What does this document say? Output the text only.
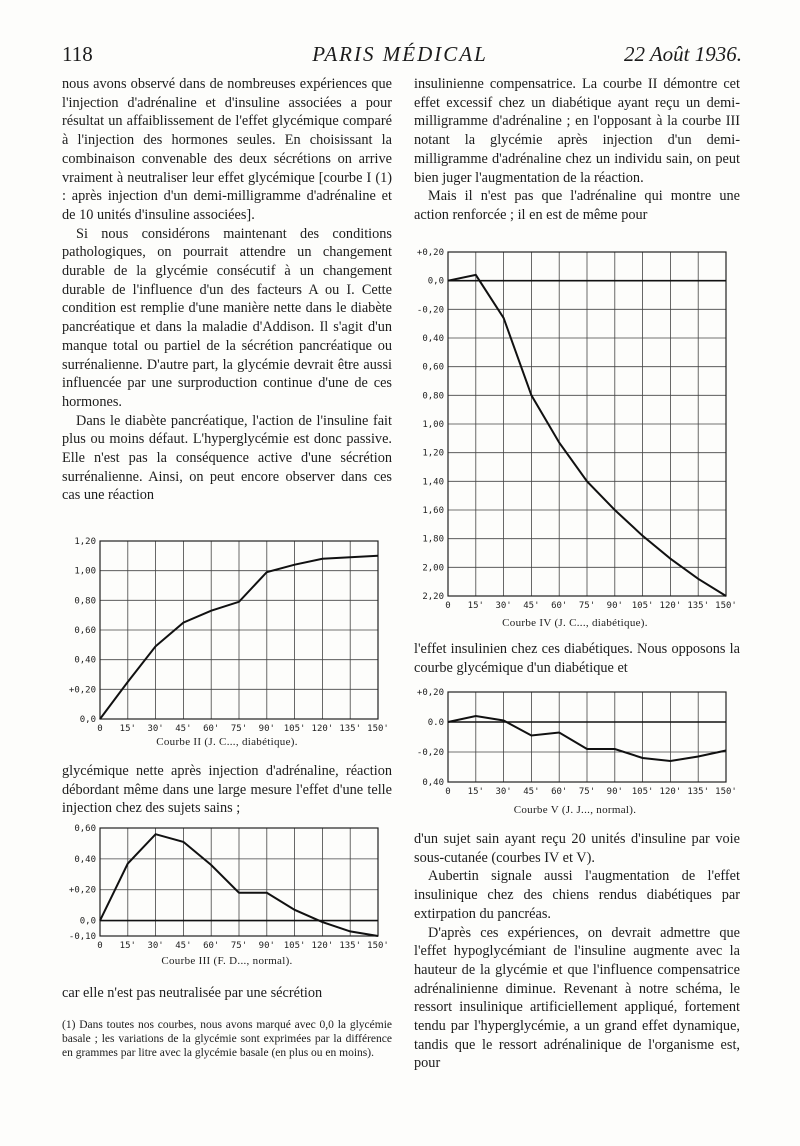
118	PARIS MÉDICAL	22 Août 1936.

nous avons observé dans de nombreuses expériences que l'injection d'adrénaline et d'insuline associées a pour résultat un affaiblissement de l'effet glycémique comparé à l'injection des hormones seules. En choisissant la combinaison convenable des deux sécrétions on arrive vraiment à neutraliser leur effet glycémique [courbe I (1) : après injection d'un demi-milligramme d'adrénaline et de 10 unités d'insuline associées].

Si nous considérons maintenant des conditions pathologiques, on pourrait attendre un changement durable de la glycémie consécutif à un changement durable de l'influence d'un des facteurs A ou I. Cette condition est remplie d'une manière nette dans le diabète pancréatique et dans la maladie d'Addison. Il s'agit d'un manque total ou partiel de la sécrétion pancréatique ou surrénalienne. D'autre part, la glycémie devrait être aussi influencée par une surproduction continue d'une de ces hormones.

Dans le diabète pancréatique, l'action de l'insuline fait plus ou moins défaut. L'hyperglycémie est donc passive. Elle n'est pas la conséquence active d'une sécrétion surrénalienne. Ainsi, on peut encore observer dans ces cas une réaction

0 15' 30' 45' 60' 75' 90' 105' 120' 135' 150'
0,0
+0,20
0,40
0,60
0,80
1,00
1,20
Courbe II (J. C..., diabétique).

glycémique nette après injection d'adrénaline, réaction débordant même dans une large mesure l'effet d'une telle injection chez des sujets sains ;

0 15' 30' 45' 60' 75' 90' 105' 120' 135' 150'
-0,10
0,0
+0,20
0,40
0,60
Courbe III (F. D..., normal).

car elle n'est pas neutralisée par une sécrétion

(1) Dans toutes nos courbes, nous avons marqué avec 0,0 la glycémie basale ; les variations de la glycémie sont exprimées par la différence en grammes par litre avec la glycémie basale (en plus ou en moins).

insulinienne compensatrice. La courbe II démontre cet effet excessif chez un diabétique ayant reçu un demi-milligramme d'adrénaline ; en l'opposant à la courbe III notant la glycémie après injection d'un demi-milligramme d'adrénaline chez un individu sain, on peut bien juger l'augmentation de la réaction.

Mais il n'est pas que l'adrénaline qui montre une action renforcée ; il en est de même pour

0 15' 30' 45' 60' 75' 90' 105' 120' 135' 150'
+0,20
0,0
-0,20
0,40
0,60
0,80
1,00
1,20
1,40
1,60
1,80
2,00
2,20
Courbe IV (J. C..., diabétique).

l'effet insulinien chez ces diabétiques. Nous opposons la courbe glycémique d'un diabétique et

0 15' 30' 45' 60' 75' 90' 105' 120' 135' 150'
+0,20
0.0
-0,20
0,40
Courbe V (J. J..., normal).

d'un sujet sain ayant reçu 20 unités d'insuline par voie sous-cutanée (courbes IV et V).

Aubertin signale aussi l'augmentation de l'effet insulinique chez des chiens rendus diabétiques par extirpation du pancréas.

D'après ces expériences, on devrait admettre que l'effet hypoglycémiant de l'insuline augmente avec la hauteur de la glycémie et que l'influence compensatrice adrénalinienne diminue. Revenant à notre schéma, le ressort insulinique artificiellement appliqué, fortement tendu par l'hyperglycémie, a un grand effet dynamique, tandis que le ressort adrénalinique de l'organisme est, pour
